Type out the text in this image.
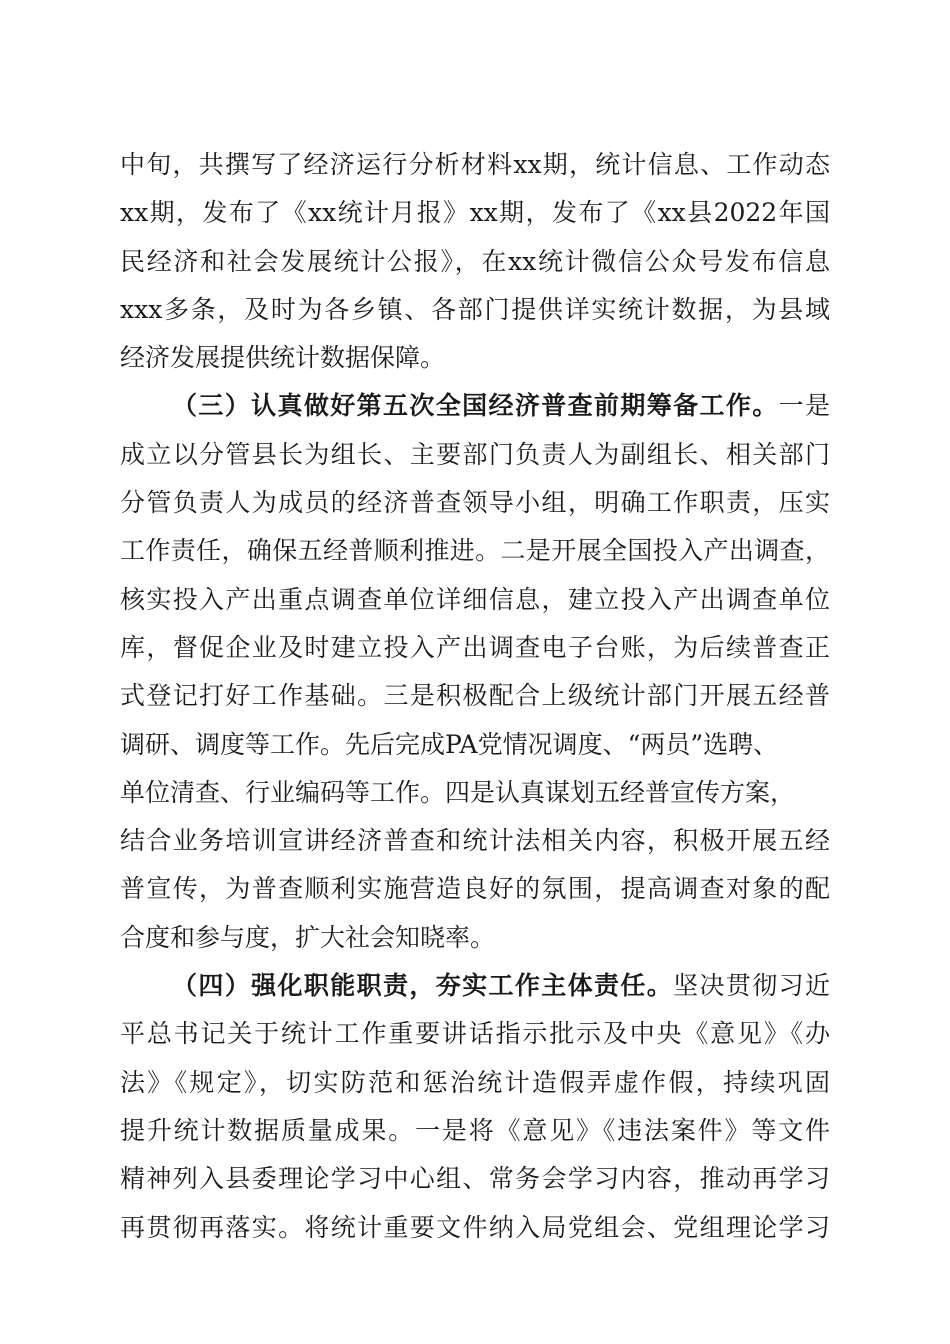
中旬，共撰写了经济运行分析材料xx期，统计信息、工作动态
xx期，发布了《xx统计月报》xx期，发布了《xx县2022年国
民经济和社会发展统计公报》，在xx统计微信公众号发布信息
xxx多条，及时为各乡镇、各部门提供详实统计数据，为县域
经济发展提供统计数据保障。
（三）认真做好第五次全国经济普查前期筹备工作。一是
成立以分管县长为组长、主要部门负责人为副组长、相关部门
分管负责人为成员的经济普查领导小组，明确工作职责，压实
工作责任，确保五经普顺利推进。二是开展全国投入产出调查，
核实投入产出重点调查单位详细信息，建立投入产出调查单位
库，督促企业及时建立投入产出调查电子台账，为后续普查正
式登记打好工作基础。三是积极配合上级统计部门开展五经普
调研、调度等工作。先后完成PA党情况调度、“两员”选聘、
单位清查、行业编码等工作。四是认真谋划五经普宣传方案，
结合业务培训宣讲经济普查和统计法相关内容，积极开展五经
普宣传，为普查顺利实施营造良好的氛围，提高调查对象的配
合度和参与度，扩大社会知晓率。
（四）强化职能职责，夯实工作主体责任。坚决贯彻习近
平总书记关于统计工作重要讲话指示批示及中央《意见》《办
法》《规定》，切实防范和惩治统计造假弄虚作假，持续巩固
提升统计数据质量成果。一是将《意见》《违法案件》等文件
精神列入县委理论学习中心组、常务会学习内容，推动再学习
再贯彻再落实。将统计重要文件纳入局党组会、党组理论学习
